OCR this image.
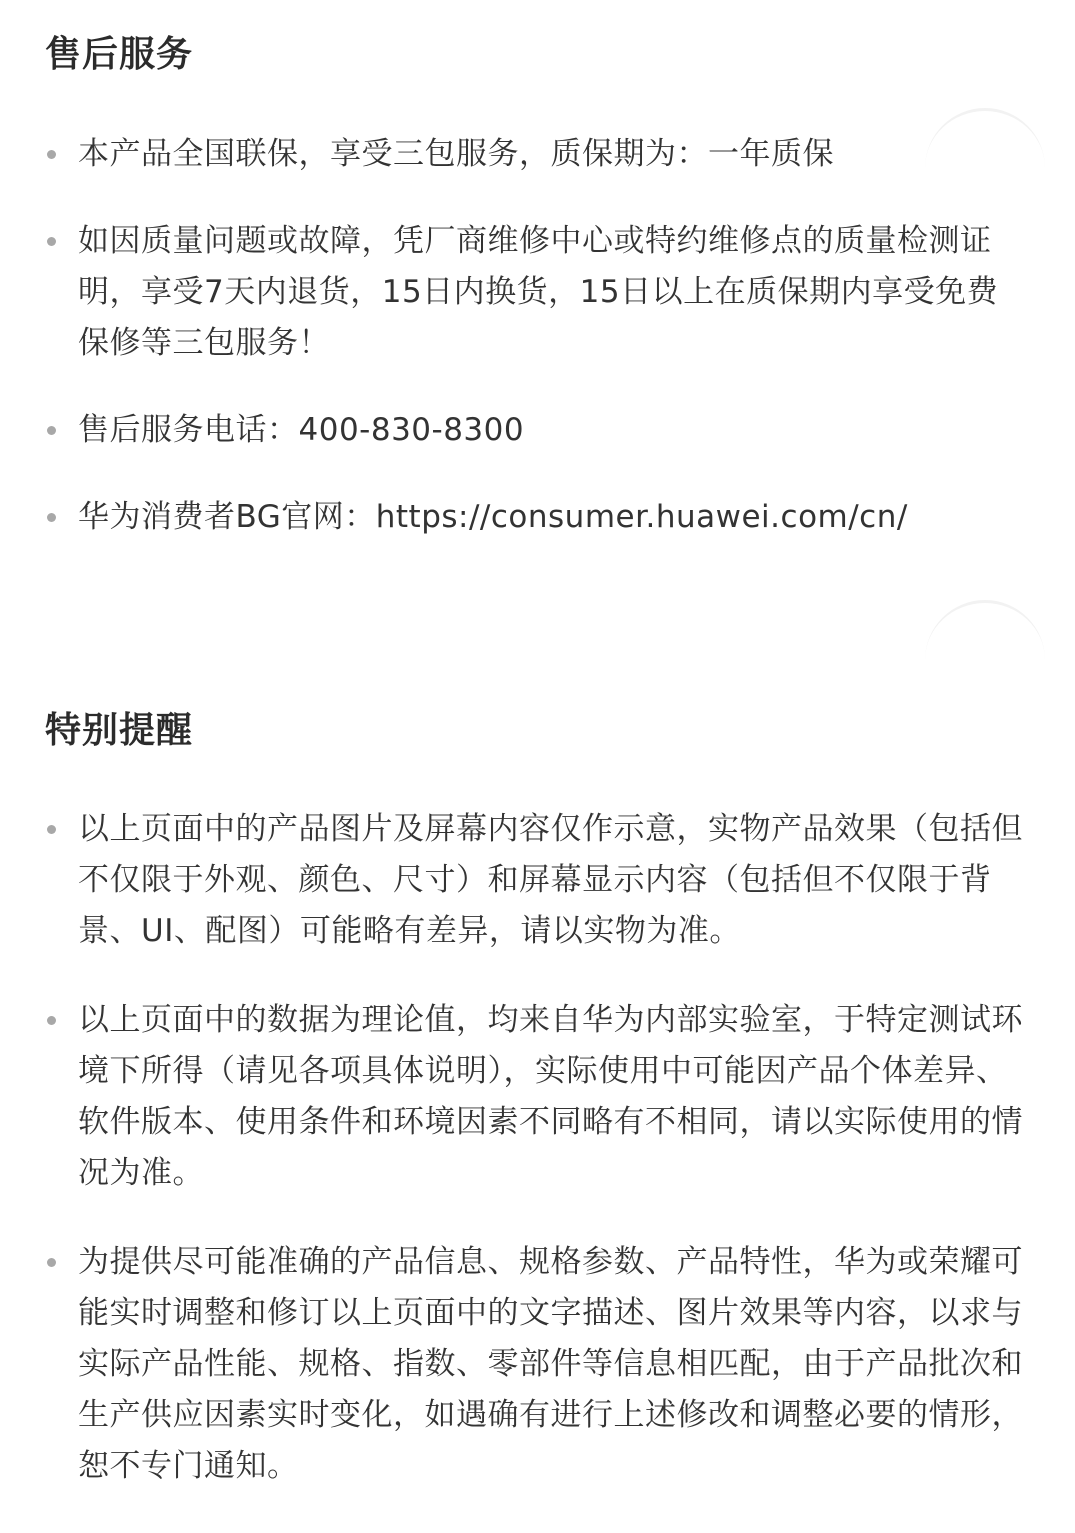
售后服务
本产品全国联保，享受三包服务，质保期为：一年质保
如因质量问题或故障，凭厂商维修中心或特约维修点的质量检测证明，享受7天内退货，15日内换货，15日以上在质保期内享受免费保修等三包服务！
售后服务电话：400-830-8300
华为消费者BG官网：https://consumer.huawei.com/cn/
特别提醒
以上页面中的产品图片及屏幕内容仅作示意，实物产品效果（包括但不仅限于外观、颜色、尺寸）和屏幕显示内容（包括但不仅限于背景、UI、配图）可能略有差异，请以实物为准。
以上页面中的数据为理论值，均来自华为内部实验室，于特定测试环境下所得（请见各项具体说明），实际使用中可能因产品个体差异、软件版本、使用条件和环境因素不同略有不相同，请以实际使用的情况为准。
为提供尽可能准确的产品信息、规格参数、产品特性，华为或荣耀可能实时调整和修订以上页面中的文字描述、图片效果等内容，以求与实际产品性能、规格、指数、零部件等信息相匹配，由于产品批次和生产供应因素实时变化，如遇确有进行上述修改和调整必要的情形，恕不专门通知。
